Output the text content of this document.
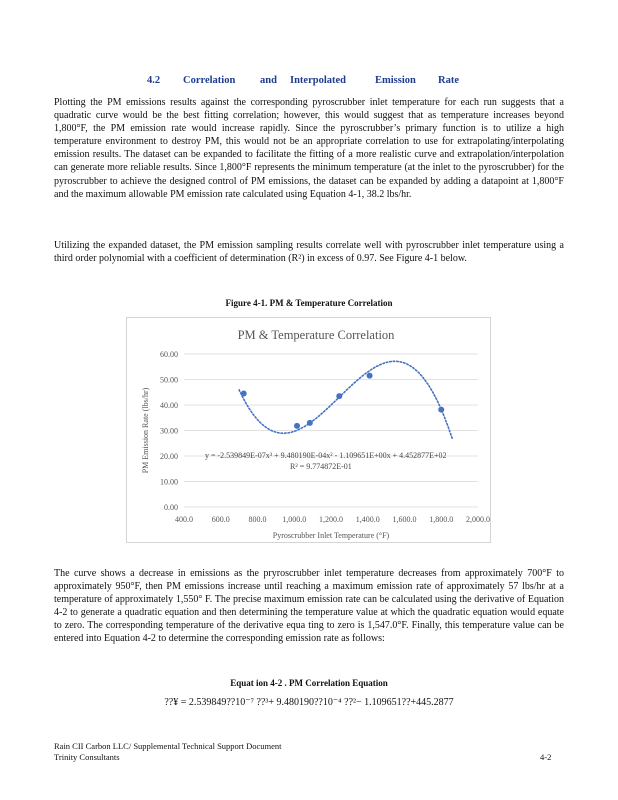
4.2 Correlation and Interpolated	Emission Rate

Plotting the PM emissions results against the corresponding pyroscrubber inlet temperature for each run suggests that a quadratic curve would be the best fitting correlation; however, this would suggest that as temperature increases beyond 1,800°F, the PM emission rate would increase rapidly. Since the pyroscrubber’s primary function is to utilize a high temperature environment to destroy PM, this would not be an appropriate correlation to use for extrapolating/interpolating emission results. The dataset can be expanded to facilitate the fitting of a more realistic curve and extrapolation/interpolation can generate more reliable results. Since 1,800°F represents the minimum temperature (at the inlet to the pyroscrubber) for the pyroscrubber to achieve the designed control of PM emissions, the dataset can be expanded by adding a datapoint at 1,800°F and the maximum allowable PM emission rate calculated using Equation 4-1, 38.2 lbs/hr.

Utilizing the expanded dataset, the PM emission sampling results correlate well with pyroscrubber inlet temperature using a third order polynomial with a coefficient of determination (R²) in excess of 0.97. See Figure 4-1 below.

Figure 4-1. PM & Temperature Correlation
0.00
10.00
20.00
30.00
40.00
50.00
60.00
400.0 600.0 800.0 1,000.0 1,200.0 1,400.0 1,600.0 1,800.0 2,000.0
PM & Temperature Correlation
Pyroscrubber Inlet Temperature (°F)
PM Emission Rate (lbs/hr)	y = -2.539849E-07x³ + 9.480190E-04x² - 1.109651E+00x + 4.452877E+02
R² = 9.774872E-01

The curve shows a decrease in emissions as the pryroscrubber inlet temperature decreases from approximately 700°F to approximately 950°F, then PM emissions increase until reaching a maximum emission rate of approximately 57 lbs/hr at a temperature of approximately 1,550° F. The precise maximum emission rate can be calculated using the derivative of Equation 4-2 to generate a quadratic equation and then determining the temperature value at which the quadratic equation would equate to zero. The corresponding temperature of the derivative equa ting to zero is 1,547.0°F. Finally, this temperature value can be entered into Equation 4-2 to determine the corresponding emission rate as follows:

Equat ion 4-2 . PM Correlation Equation
??¥ = 2.539849??10⁻⁷ ??³+ 9.480190??10⁻⁴ ??²− 1.109651??+445.2877
Rain CII Carbon LLC/ Supplemental Technical Support Document
Trinity Consultants	4-2
